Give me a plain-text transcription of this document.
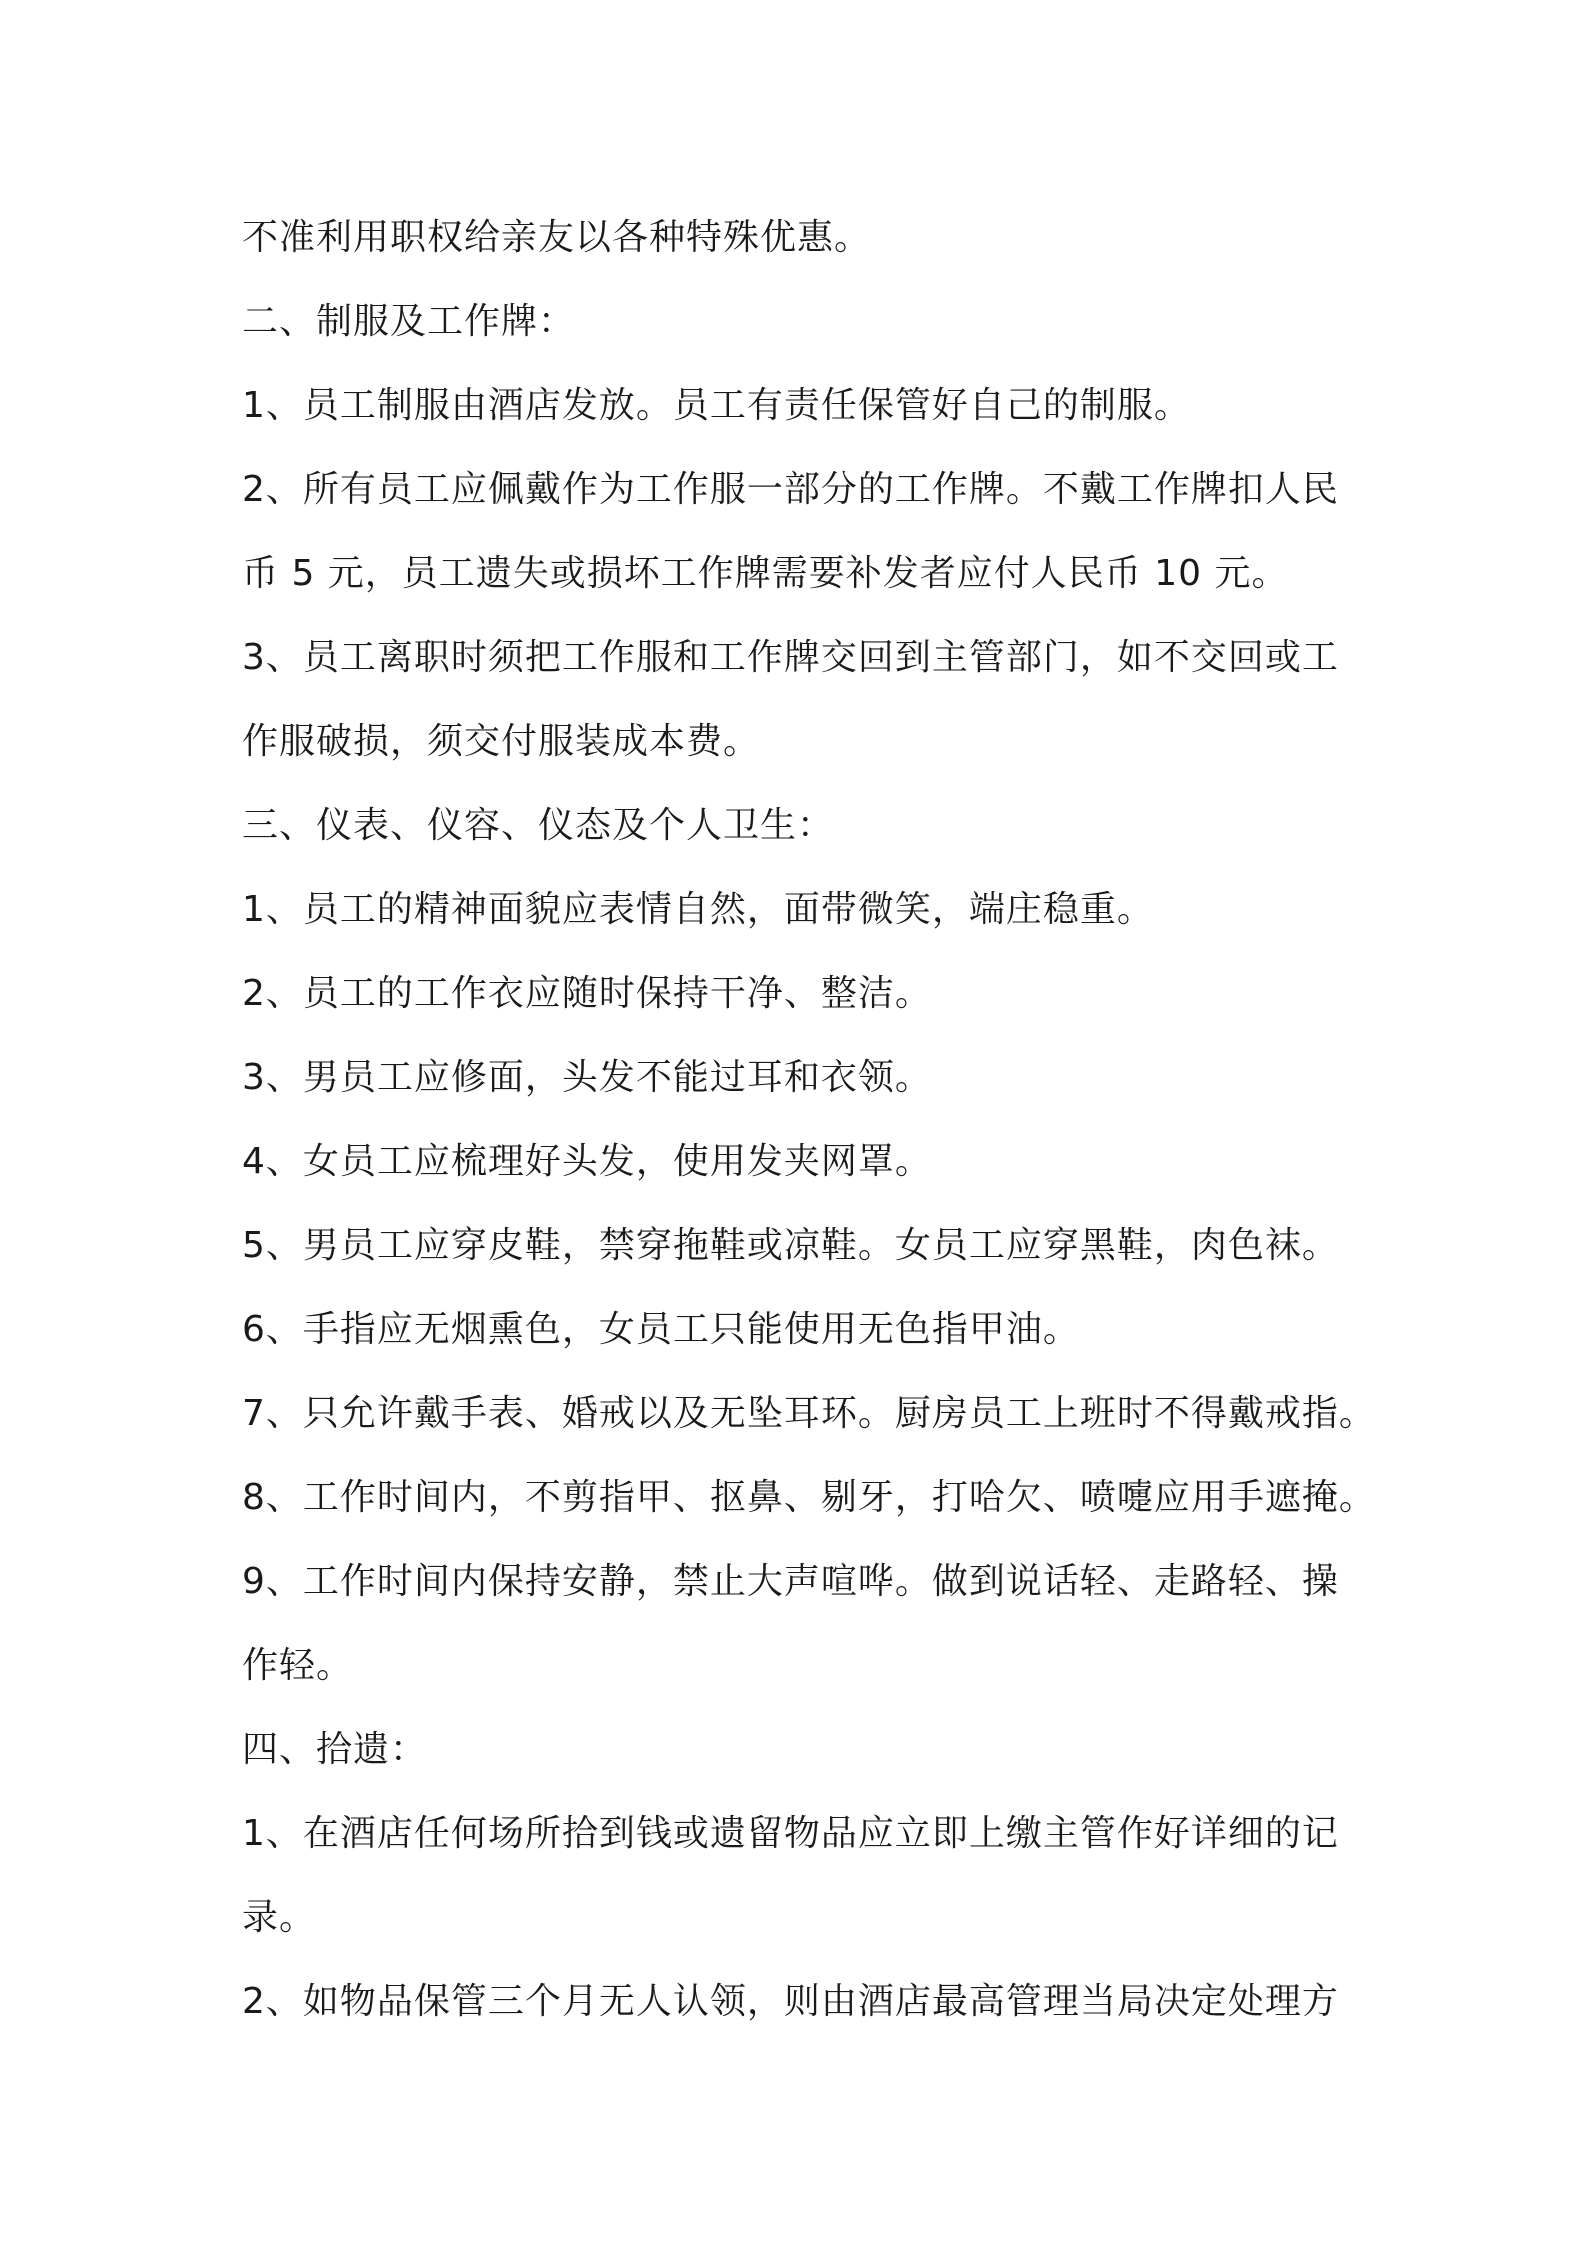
不准利用职权给亲友以各种特殊优惠。
二、制服及工作牌：
1、员工制服由酒店发放。员工有责任保管好自己的制服。
2、所有员工应佩戴作为工作服一部分的工作牌。不戴工作牌扣人民
币 5 元，员工遗失或损坏工作牌需要补发者应付人民币 10 元。
3、员工离职时须把工作服和工作牌交回到主管部门，如不交回或工
作服破损，须交付服装成本费。
三、仪表、仪容、仪态及个人卫生：
1、员工的精神面貌应表情自然，面带微笑，端庄稳重。
2、员工的工作衣应随时保持干净、整洁。
3、男员工应修面，头发不能过耳和衣领。
4、女员工应梳理好头发，使用发夹网罩。
5、男员工应穿皮鞋，禁穿拖鞋或凉鞋。女员工应穿黑鞋，肉色袜。
6、手指应无烟熏色，女员工只能使用无色指甲油。
7、只允许戴手表、婚戒以及无坠耳环。厨房员工上班时不得戴戒指。
8、工作时间内，不剪指甲、抠鼻、剔牙，打哈欠、喷嚏应用手遮掩。
9、工作时间内保持安静，禁止大声喧哗。做到说话轻、走路轻、操
作轻。
四、拾遗：
1、在酒店任何场所拾到钱或遗留物品应立即上缴主管作好详细的记
录。
2、如物品保管三个月无人认领，则由酒店最高管理当局决定处理方
